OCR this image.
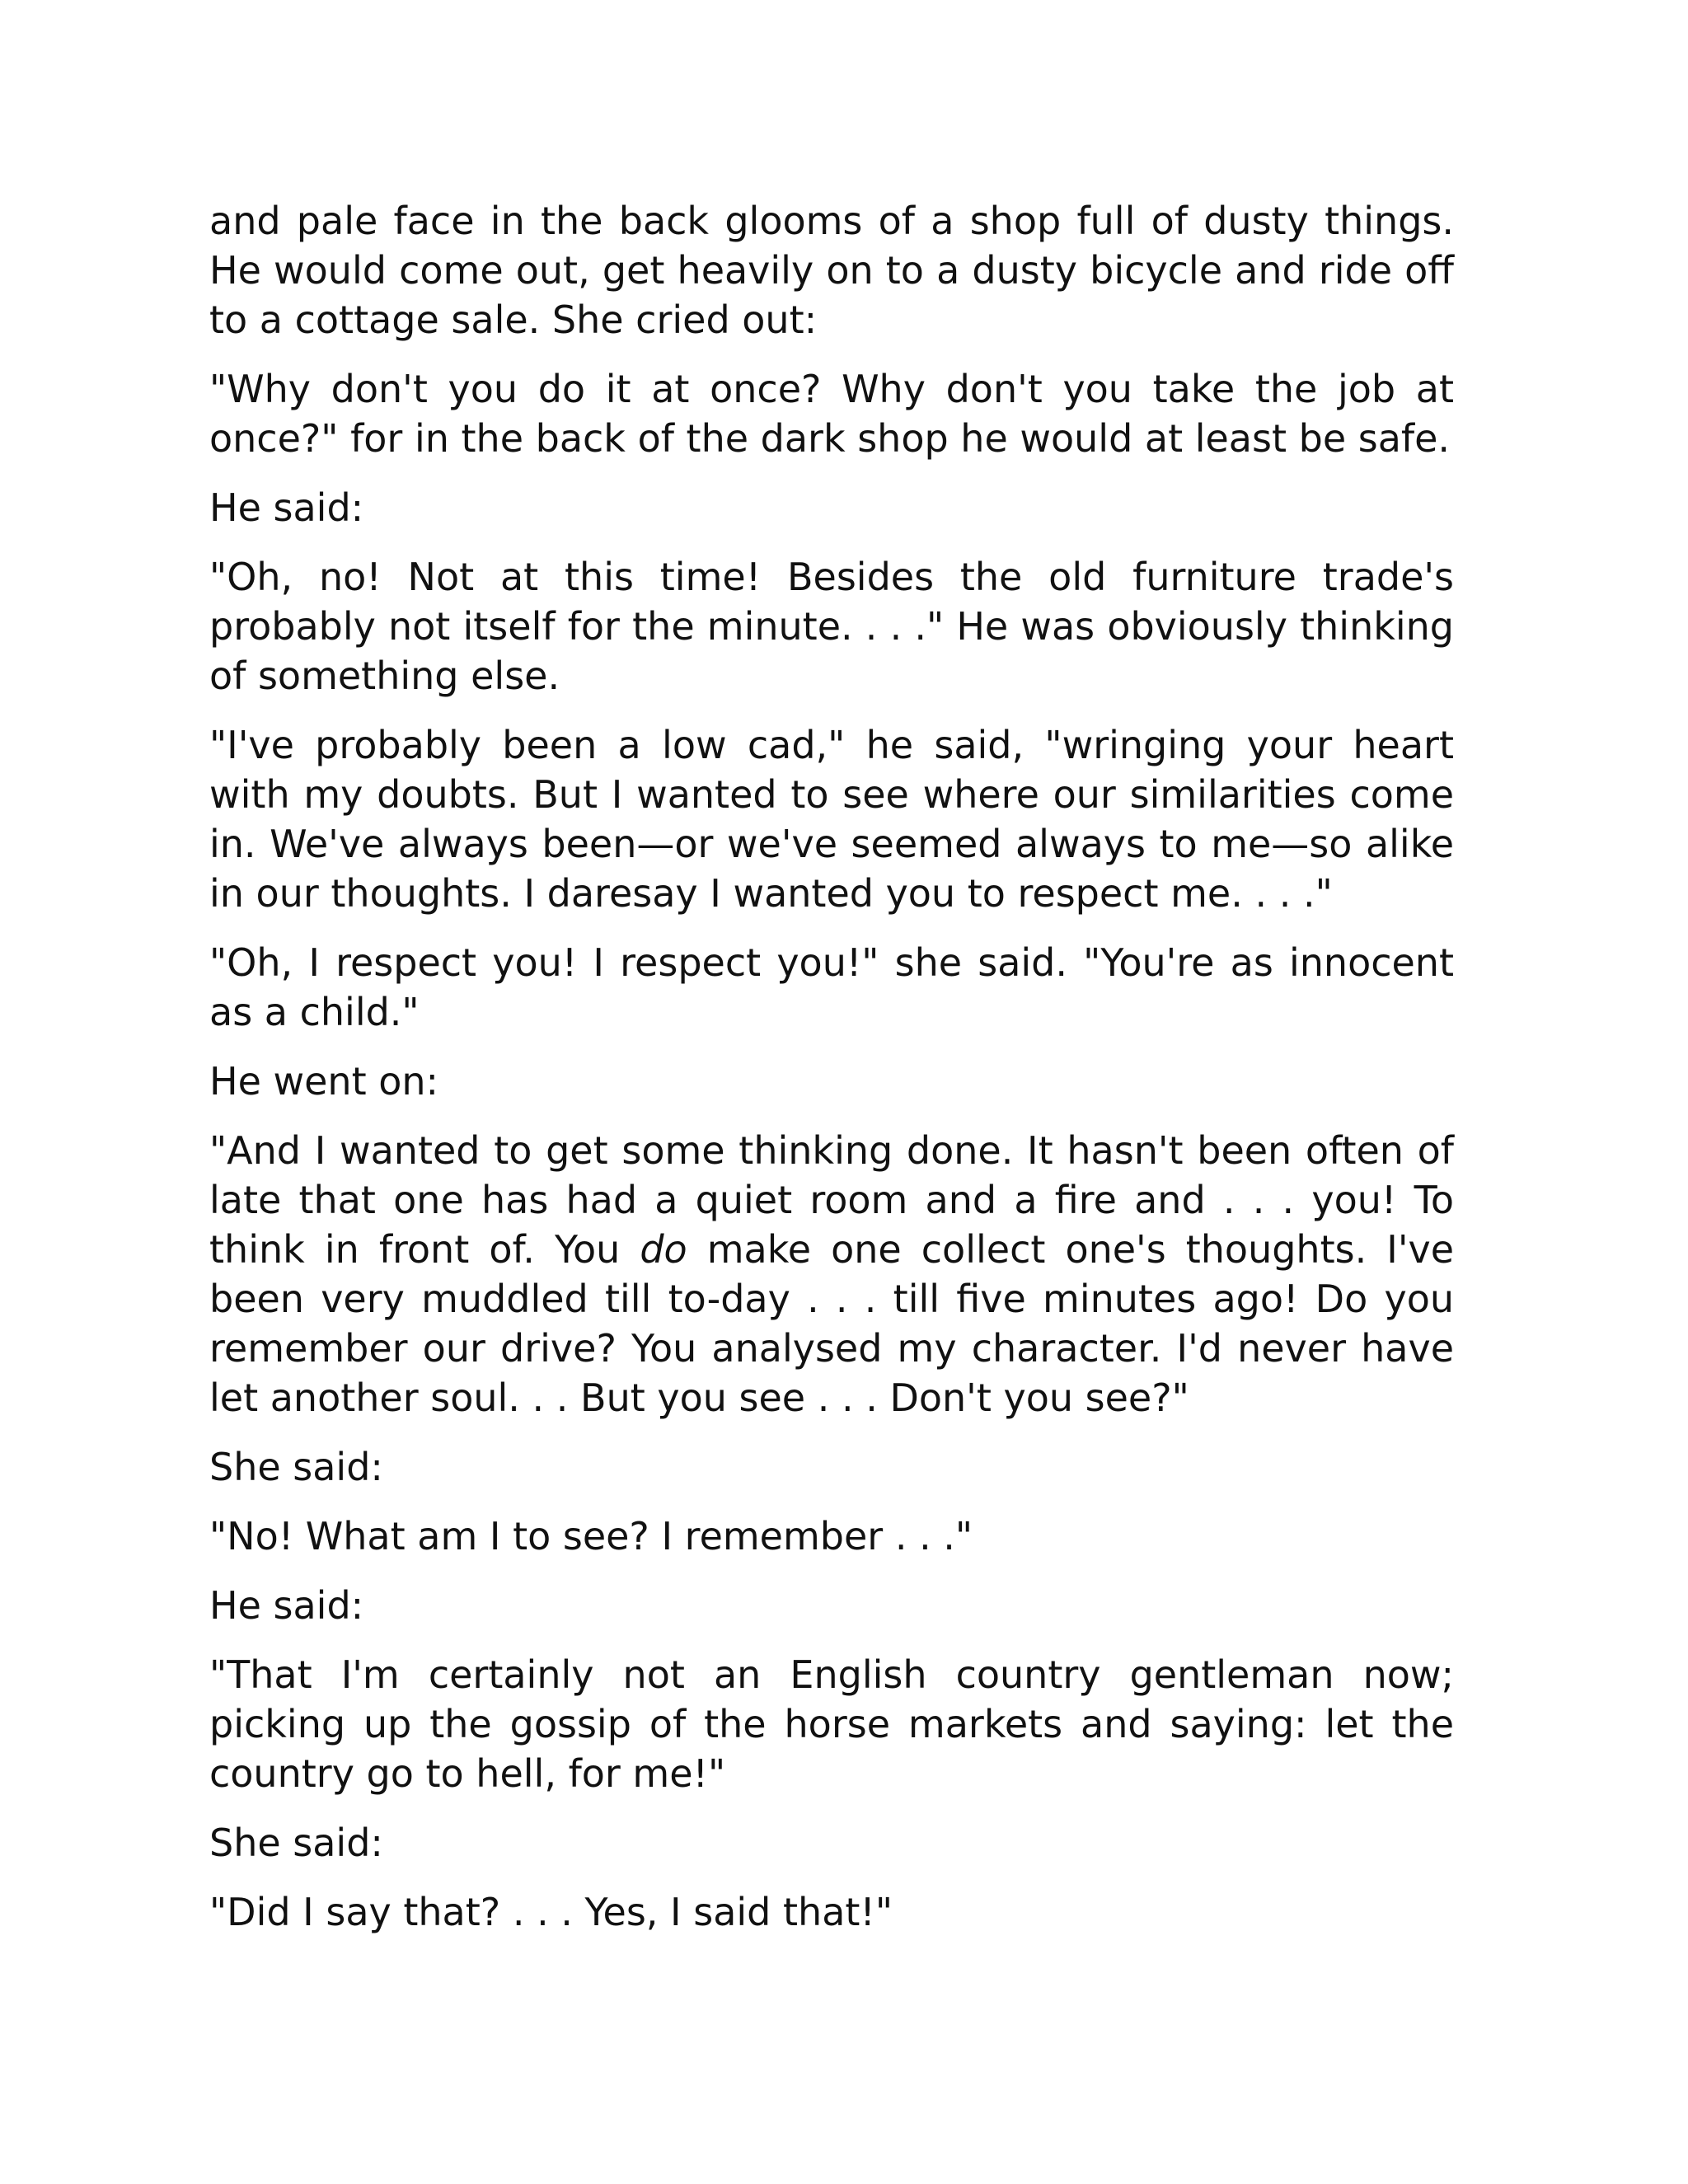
and pale face in the back glooms of a shop full of dusty things. He would come out, get heavily on to a dusty bicycle and ride off to a cottage sale. She cried out:

"Why don't you do it at once? Why don't you take the job at once?" for in the back of the dark shop he would at least be safe.

He said:

"Oh, no! Not at this time! Besides the old furniture trade's probably not itself for the minute. . . ." He was obviously thinking of something else.

"I've probably been a low cad," he said, "wringing your heart with my doubts. But I wanted to see where our similarities come in. We've always been—or we've seemed always to me—so alike in our thoughts. I daresay I wanted you to respect me. . . ."

"Oh, I respect you! I respect you!" she said. "You're as innocent as a child."

He went on:

"And I wanted to get some thinking done. It hasn't been often of late that one has had a quiet room and a fire and . . . you! To think in front of. You do make one collect one's thoughts. I've been very muddled till to-day . . . till five minutes ago! Do you remember our drive? You analysed my character. I'd never have let another soul. . . But you see . . . Don't you see?"

She said:

"No! What am I to see? I remember . . ."

He said:

"That I'm certainly not an English country gentleman now; picking up the gossip of the horse markets and saying: let the country go to hell, for me!"

She said:

"Did I say that? . . . Yes, I said that!"
